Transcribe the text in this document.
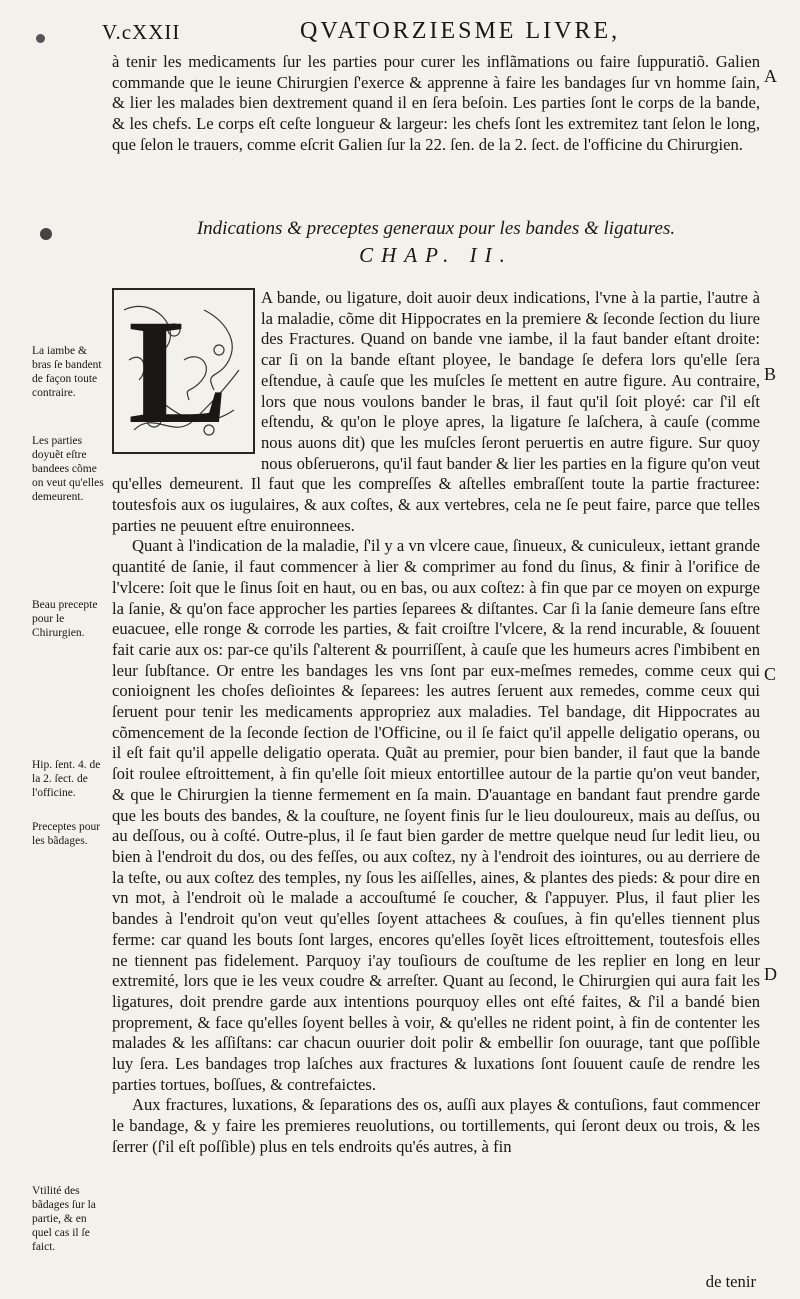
V.cXXII	QVATORZIESME LIVRE,

à tenir les medicaments ſur les parties pour curer les inflãmations ou faire ſuppuratiõ. Galien commande que le ieune Chirurgien ſ'exerce & apprenne à faire les bandages ſur vn homme ſain, & lier les malades bien dextrement quand il en ſera beſoin. Les parties ſont le corps de la bande, & les chefs. Le corps eſt ceſte longueur & largeur: les chefs ſont les extremitez tant ſelon le long, que ſelon le trauers, comme eſcrit Galien ſur la 22. ſen. de la 2. ſect. de l'officine du Chirurgien.

Indications & preceptes generaux pour les bandes & ligatures.
CHAP. II.
L	A bande, ou ligature, doit auoir deux indications, l'vne à la partie, l'autre à la maladie, cõme dit Hippocrates en la premiere & ſeconde ſection du liure des Fractures. Quand on bande vne iambe, il la faut bander eſtant droite: car ſi on la bande eſtant ployee, le bandage ſe defera lors qu'elle ſera eſtendue, à cauſe que les muſcles ſe mettent en autre figure. Au contraire, lors que nous voulons bander le bras, il faut qu'il ſoit ployé: car ſ'il eſt eſtendu, & qu'on le ploye apres, la ligature ſe laſchera, à cauſe (comme nous auons dit) que les muſcles ſeront peruertis en autre figure. Sur quoy nous obſeruerons, qu'il faut bander & lier les parties en la figure qu'on veut qu'elles demeurent. Il faut que les compreſſes & aſtelles embraſſent toute la partie fracturee: toutesfois aux os iugulaires, & aux coſtes, & aux vertebres, cela ne ſe peut faire, parce que telles parties ne peuuent eſtre enuironnees.

Quant à l'indication de la maladie, ſ'il y a vn vlcere caue, ſinueux, & cuniculeux, iettant grande quantité de ſanie, il faut commencer à lier & comprimer au fond du ſinus, & finir à l'orifice de l'vlcere: ſoit que le ſinus ſoit en haut, ou en bas, ou aux coſtez: à fin que par ce moyen on expurge la ſanie, & qu'on face approcher les parties ſeparees & diſtantes. Car ſi la ſanie demeure ſans eſtre euacuee, elle ronge & corrode les parties, & fait croiſtre l'vlcere, & la rend incurable, & ſouuent fait carie aux os: par-ce qu'ils ſ'alterent & pourriſſent, à cauſe que les humeurs acres ſ'imbibent en leur ſubſtance. Or entre les bandages les vns ſont par eux-meſmes remedes, comme ceux qui conioignent les choſes deſiointes & ſeparees: les autres ſeruent aux remedes, comme ceux qui ſeruent pour tenir les medicaments appropriez aux maladies. Tel bandage, dit Hippocrates au cõmencement de la ſeconde ſection de l'Officine, ou il ſe faict qu'il appelle deligatio operans, ou il eſt fait qu'il appelle deligatio operata. Quãt au premier, pour bien bander, il faut que la bande ſoit roulee eſtroittement, à fin qu'elle ſoit mieux entortillee autour de la partie qu'on veut bander, & que le Chirurgien la tienne fermement en ſa main. D'auantage en bandant faut prendre garde que les bouts des bandes, & la couſture, ne ſoyent finis ſur le lieu douloureux, mais au deſſus, ou au deſſous, ou à coſté. Outre-plus, il ſe faut bien garder de mettre quelque neud ſur ledit lieu, ou bien à l'endroit du dos, ou des feſſes, ou aux coſtez, ny à l'endroit des iointures, ou au derriere de la teſte, ou aux coſtez des temples, ny ſous les aiſſelles, aines, & plantes des pieds: & pour dire en vn mot, à l'endroit où le malade a accouſtumé ſe coucher, & ſ'appuyer. Plus, il faut plier les bandes à l'endroit qu'on veut qu'elles ſoyent attachees & couſues, à fin qu'elles tiennent plus ferme: car quand les bouts ſont larges, encores qu'elles ſoyẽt lices eſtroittement, toutesfois elles ne tiennent pas fidelement. Parquoy i'ay touſiours de couſtume de les replier en long en leur extremité, lors que ie les veux coudre & arreſter. Quant au ſecond, le Chirurgien qui aura fait les ligatures, doit prendre garde aux intentions pourquoy elles ont eſté faites, & ſ'il a bandé bien proprement, & face qu'elles ſoyent belles à voir, & qu'elles ne rident point, à fin de contenter les malades & les aſſiſtans: car chacun ouurier doit polir & embellir ſon ouurage, tant que poſſible luy ſera. Les bandages trop laſches aux fractures & luxations ſont ſouuent cauſe de rendre les parties tortues, boſſues, & contrefaictes.

Aux fractures, luxations, & ſeparations des os, auſſi aux playes & contuſions, faut commencer le bandage, & y faire les premieres reuolutions, ou tortillements, qui ſeront deux ou trois, & les ſerrer (ſ'il eſt poſſible) plus en tels endroits qu'és autres, à fin

de tenir
La iambe & bras ſe bandent de façon toute contraire.
Les parties doyuẽt eſtre bandees cõme on veut qu'elles demeurent.
Beau precepte pour le Chirurgien.
Hip. ſent. 4. de la 2. ſect. de l'officine.
Preceptes pour les bãdages.
Vtilité des bãdages ſur la partie, & en quel cas il ſe faict.
A
B
C
D
